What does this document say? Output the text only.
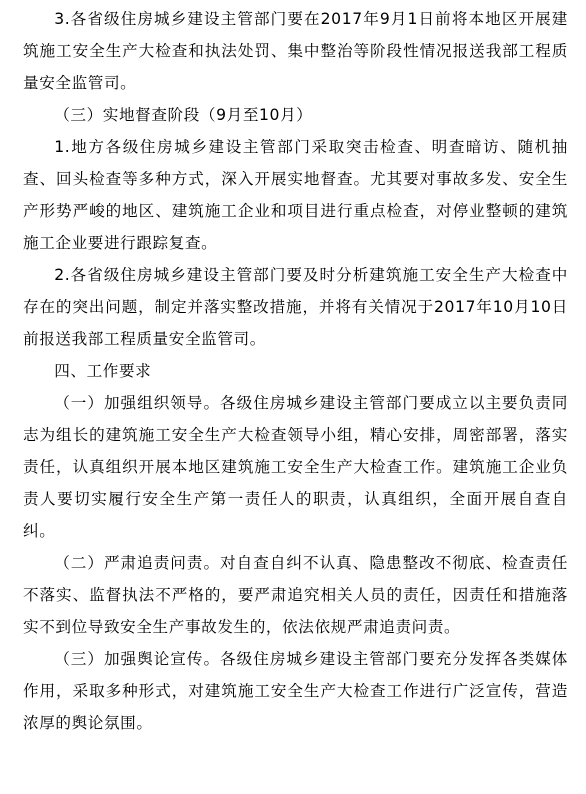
3.各省级住房城乡建设主管部门要在2017年9月1日前将本地区开展建筑施工安全生产大检查和执法处罚、集中整治等阶段性情况报送我部工程质量安全监管司。

（三）实地督查阶段（9月至10月）

1.地方各级住房城乡建设主管部门采取突击检查、明查暗访、随机抽查、回头检查等多种方式，深入开展实地督查。尤其要对事故多发、安全生产形势严峻的地区、建筑施工企业和项目进行重点检查，对停业整顿的建筑施工企业要进行跟踪复查。

2.各省级住房城乡建设主管部门要及时分析建筑施工安全生产大检查中存在的突出问题，制定并落实整改措施，并将有关情况于2017年10月10日前报送我部工程质量安全监管司。

四、工作要求

（一）加强组织领导。各级住房城乡建设主管部门要成立以主要负责同志为组长的建筑施工安全生产大检查领导小组，精心安排，周密部署，落实责任，认真组织开展本地区建筑施工安全生产大检查工作。建筑施工企业负责人要切实履行安全生产第一责任人的职责，认真组织，全面开展自查自纠。

（二）严肃追责问责。对自查自纠不认真、隐患整改不彻底、检查责任不落实、监督执法不严格的，要严肃追究相关人员的责任，因责任和措施落实不到位导致安全生产事故发生的，依法依规严肃追责问责。

（三）加强舆论宣传。各级住房城乡建设主管部门要充分发挥各类媒体作用，采取多种形式，对建筑施工安全生产大检查工作进行广泛宣传，营造浓厚的舆论氛围。
